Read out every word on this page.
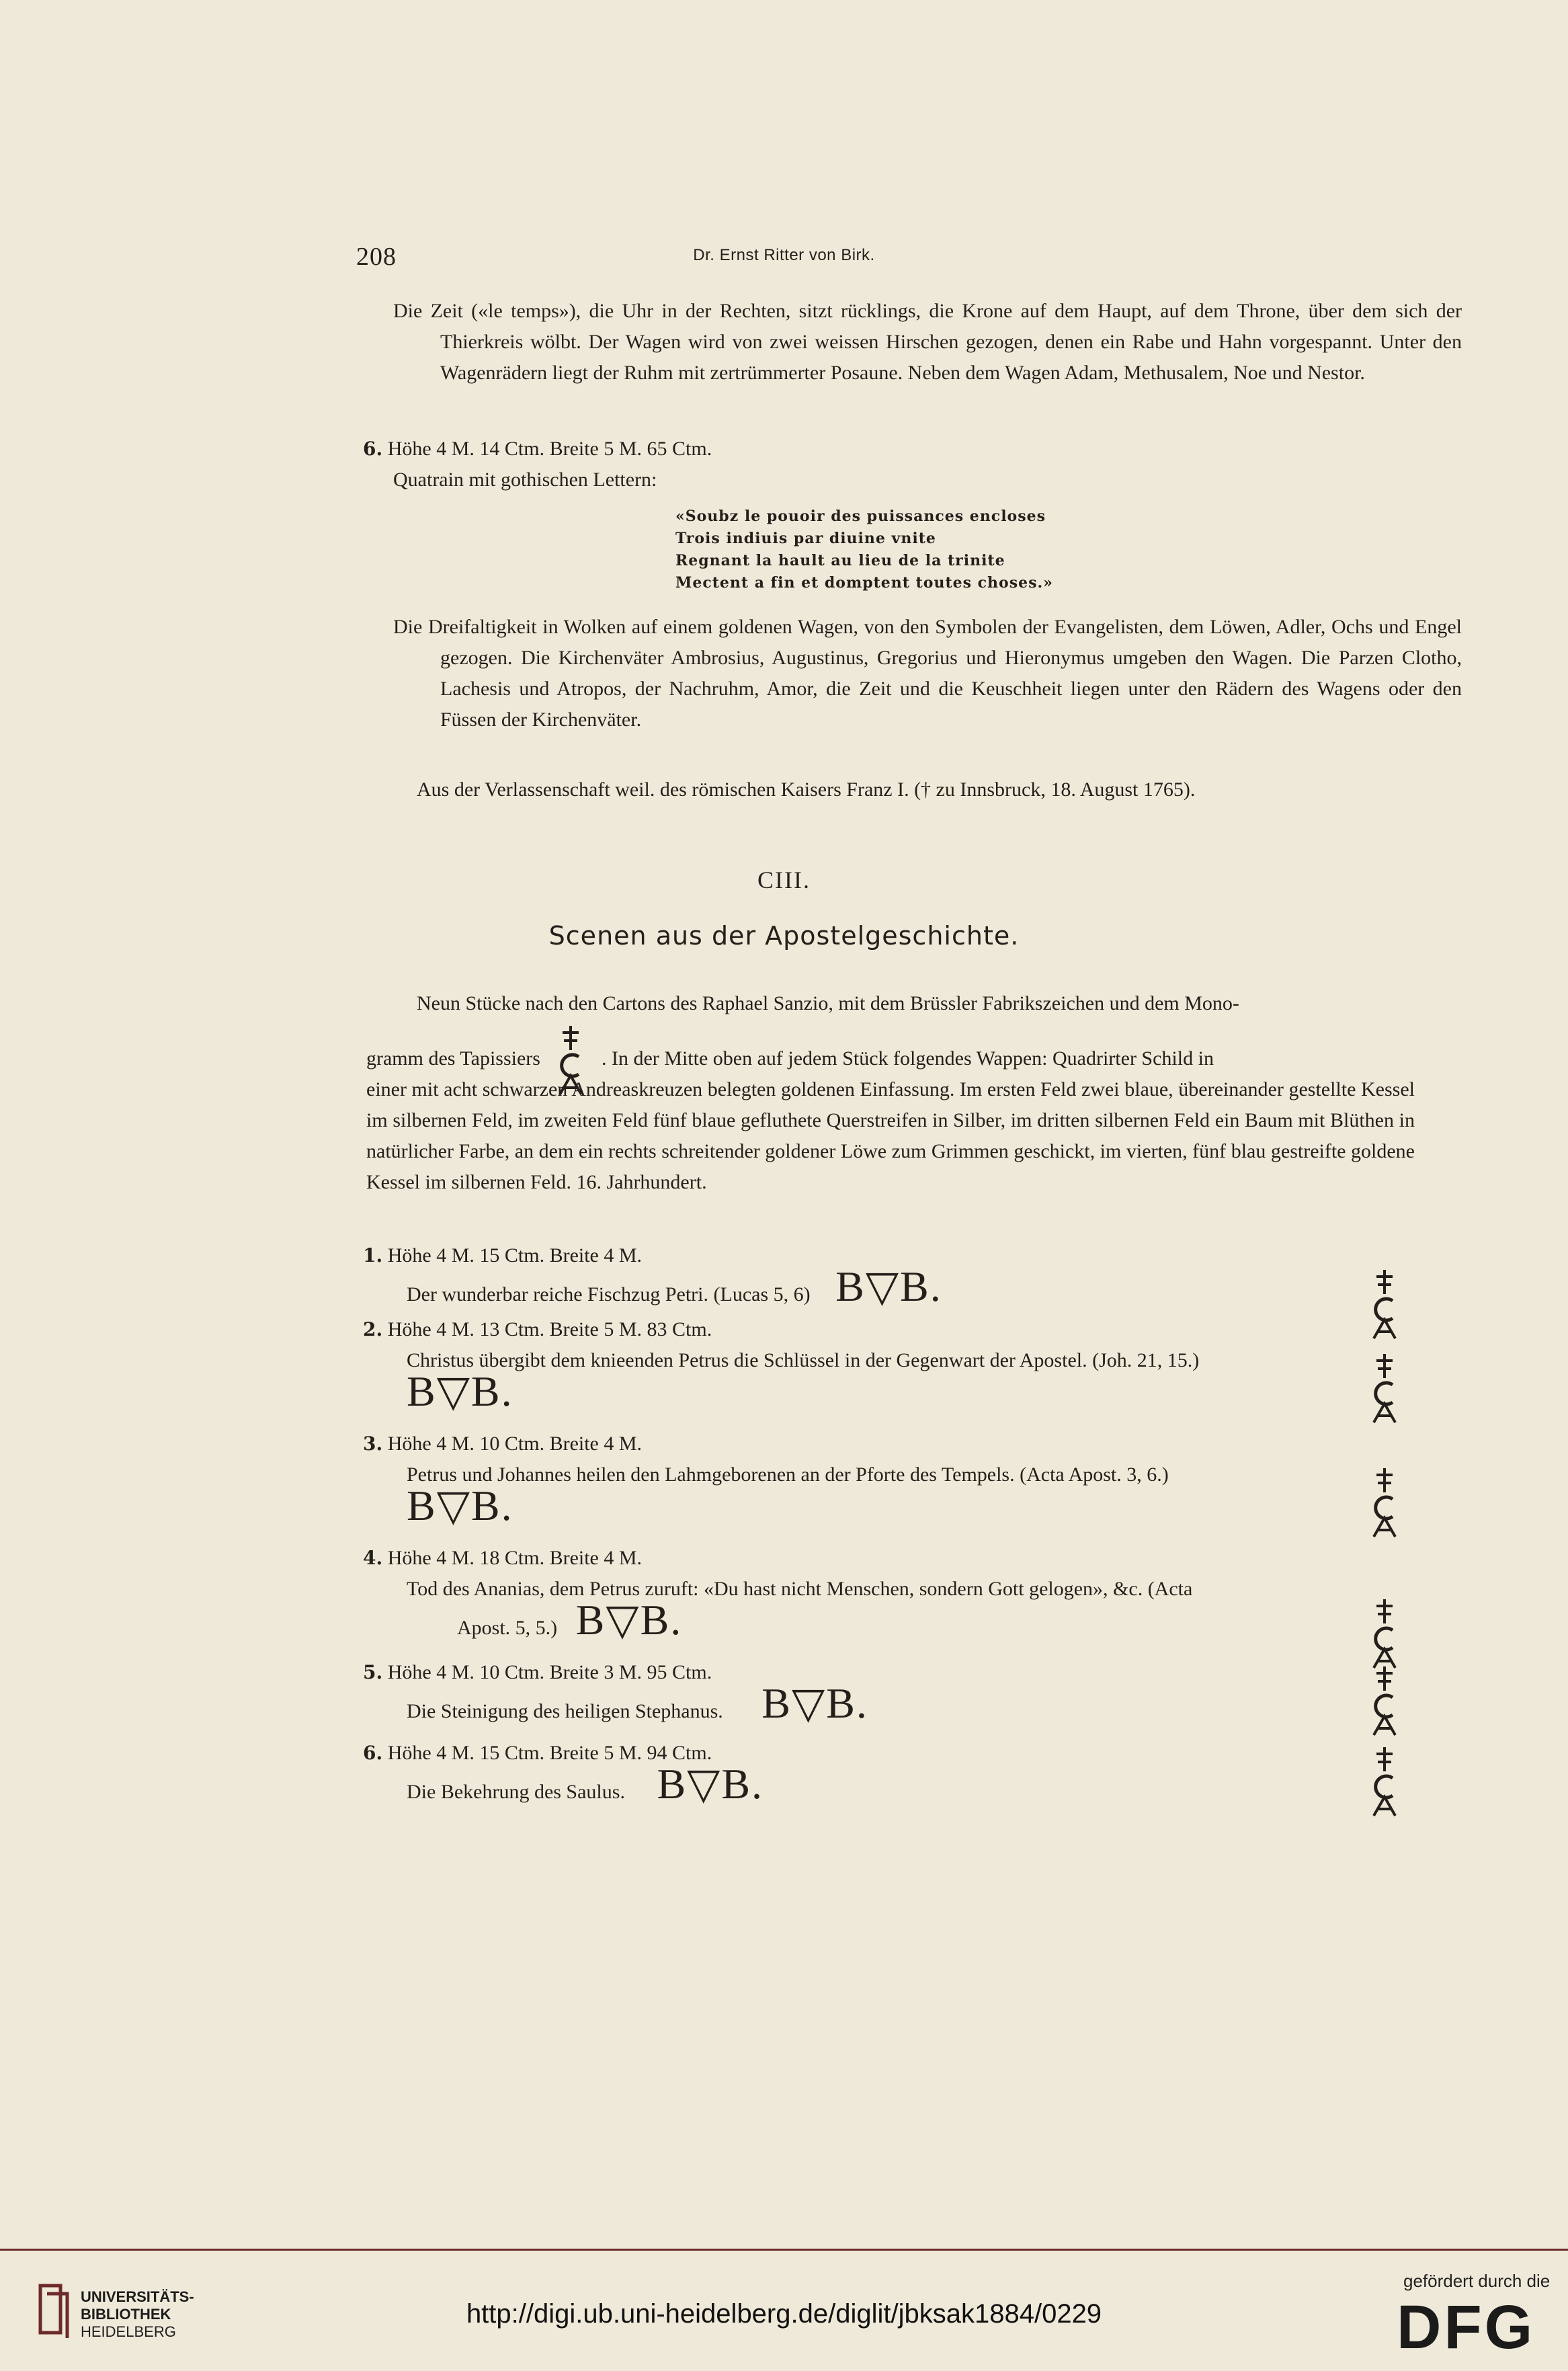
208	Dr. Ernst Ritter von Birk.
Die Zeit («le temps»), die Uhr in der Rechten, sitzt rücklings, die Krone auf dem Haupt, auf dem Throne, über dem sich der Thierkreis wölbt. Der Wagen wird von zwei weissen Hirschen gezogen, denen ein Rabe und Hahn vorgespannt. Unter den Wagenrädern liegt der Ruhm mit zertrümmerter Posaune. Neben dem Wagen Adam, Methusalem, Noe und Nestor.

6. Höhe 4 M. 14 Ctm. Breite 5 M. 65 Ctm.

Quatrain mit gothischen Lettern:

«Soubz le pouoir des puissances encloses
Trois indiuis par diuine vnite
Regnant la hault au lieu de la trinite
Mectent a fin et domptent toutes choses.»
Die Dreifaltigkeit in Wolken auf einem goldenen Wagen, von den Symbolen der Evangelisten, dem Löwen, Adler, Ochs und Engel gezogen. Die Kirchenväter Ambrosius, Augustinus, Gregorius und Hieronymus umgeben den Wagen. Die Parzen Clotho, Lachesis und Atropos, der Nachruhm, Amor, die Zeit und die Keuschheit liegen unter den Rädern des Wagens oder den Füssen der Kirchenväter.
Aus der Verlassenschaft weil. des römischen Kaisers Franz I. († zu Innsbruck, 18. August 1765).
CIII.
Scenen aus der Apostelgeschichte.
Neun Stücke nach den Cartons des Raphael Sanzio, mit dem Brüssler Fabrikszeichen und dem Mono-
gramm des Tapissiers	. In der Mitte oben auf jedem Stück folgendes Wappen: Quadrirter Schild in
einer mit acht schwarzen Andreaskreuzen belegten goldenen Einfassung. Im ersten Feld zwei blaue, übereinander gestellte Kessel im silbernen Feld, im zweiten Feld fünf blaue gefluthete Querstreifen in Silber, im dritten silbernen Feld ein Baum mit Blüthen in natürlicher Farbe, an dem ein rechts schreitender goldener Löwe zum Grimmen geschickt, im vierten, fünf blau gestreifte goldene Kessel im silbernen Feld. 16. Jahrhundert.
1. Höhe 4 M. 15 Ctm. Breite 4 M.
Der wunderbar reiche Fischzug Petri. (Lucas 5, 6) B▽B.
2. Höhe 4 M. 13 Ctm. Breite 5 M. 83 Ctm.
Christus übergibt dem knieenden Petrus die Schlüssel in der Gegenwart der Apostel. (Joh. 21, 15.)
B▽B.
3. Höhe 4 M. 10 Ctm. Breite 4 M.
Petrus und Johannes heilen den Lahmgeborenen an der Pforte des Tempels. (Acta Apost. 3, 6.)
B▽B.
4. Höhe 4 M. 18 Ctm. Breite 4 M.
Tod des Ananias, dem Petrus zuruft: «Du hast nicht Menschen, sondern Gott gelogen», &c. (Acta
Apost. 5, 5.) B▽B.
5. Höhe 4 M. 10 Ctm. Breite 3 M. 95 Ctm.
Die Steinigung des heiligen Stephanus. B▽B.
6. Höhe 4 M. 15 Ctm. Breite 5 M. 94 Ctm.
Die Bekehrung des Saulus. B▽B.
UNIVERSITÄTS-
BIBLIOTHEK
HEIDELBERG
http://digi.ub.uni-heidelberg.de/diglit/jbksak1884/0229
gefördert durch die
DFG
